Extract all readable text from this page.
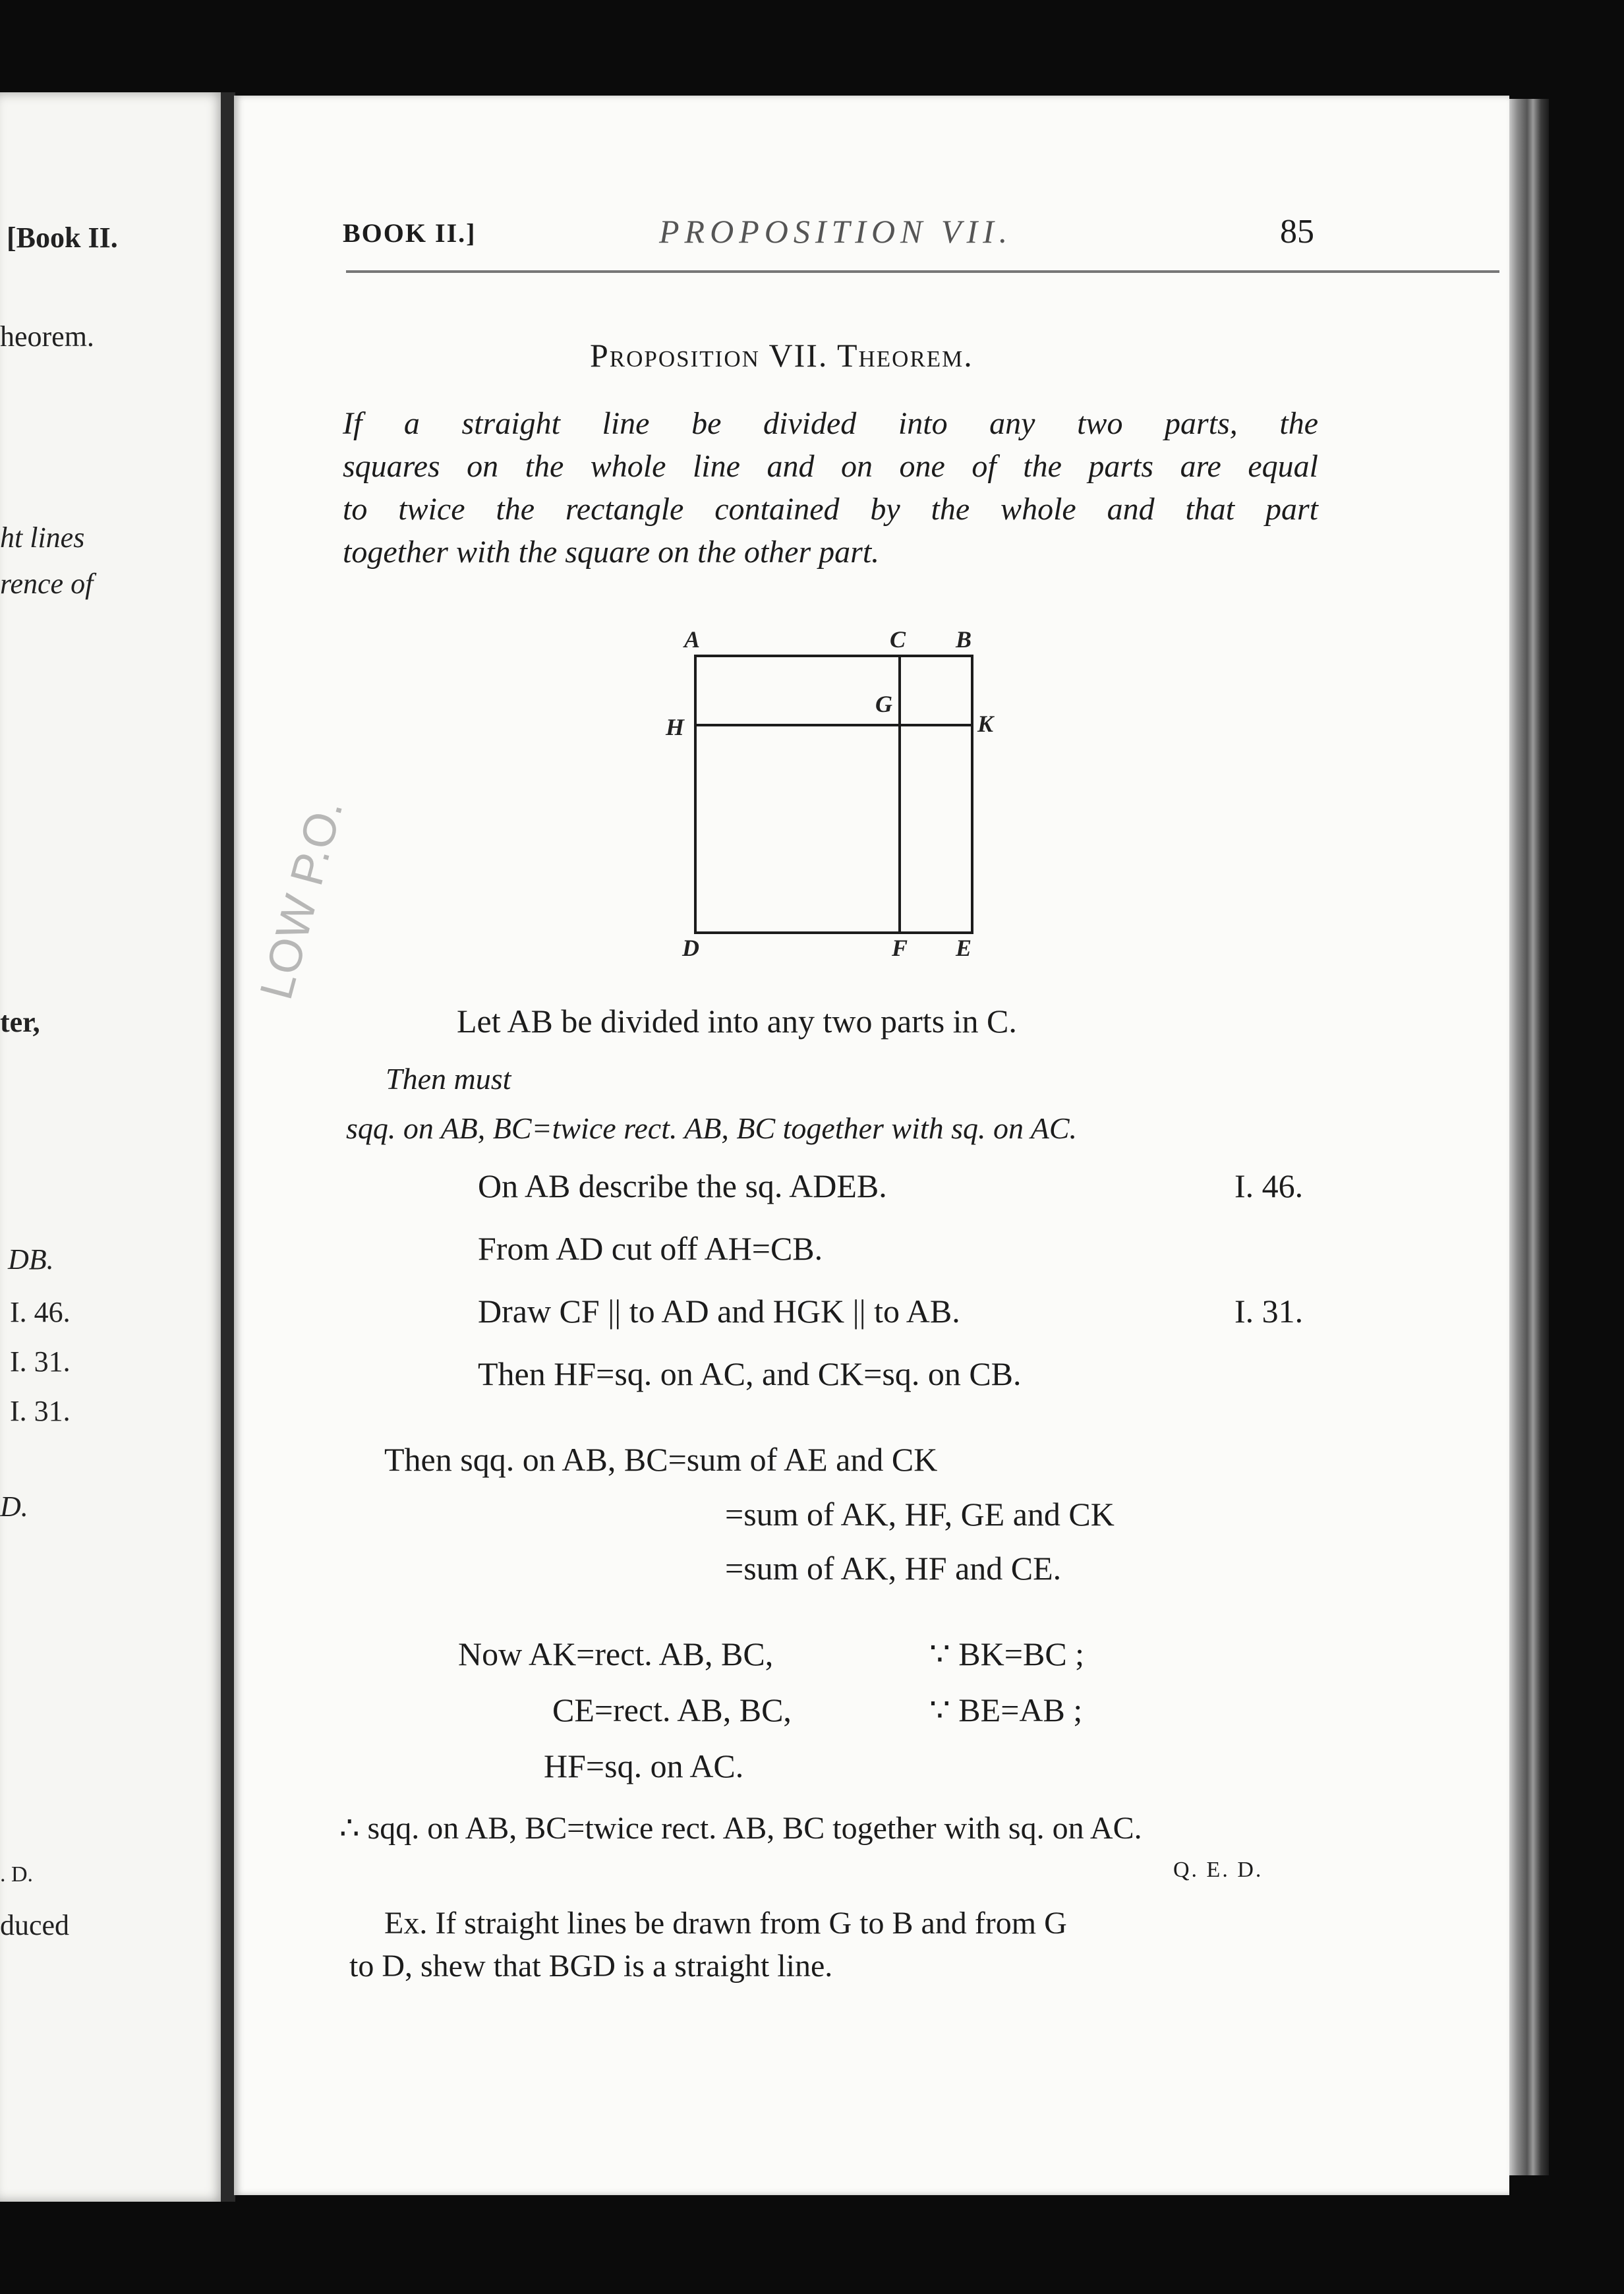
[Book II.
heorem.
ht lines
rence of
ter,
DB.
I. 46.
I. 31.
I. 31.
D.
. D.
duced
BOOK II.]	PROPOSITION VII.	85
Proposition VII. Theorem.
If a straight line be divided into any two parts, the
squares on the whole line and on one of the parts are equal
to twice the rectangle contained by the whole and that part
together with the square on the other part.
A	C B
H
G
K
D	F E
LOW P.O.
Let AB be divided into any two parts in C.
Then must
sqq. on AB, BC=twice rect. AB, BC together with sq. on AC.
On AB describe the sq. ADEB.	I. 46.
From AD cut off AH=CB.
Draw CF || to AD and HGK || to AB.	I. 31.
Then HF=sq. on AC, and CK=sq. on CB.
Then sqq. on AB, BC=sum of AE and CK
=sum of AK, HF, GE and CK
=sum of AK, HF and CE.
Now AK=rect. AB, BC,	∵ BK=BC ;
CE=rect. AB, BC,	∵ BE=AB ;
HF=sq. on AC.
∴ sqq. on AB, BC=twice rect. AB, BC together with sq. on AC.
Q. E. D.
Ex. If straight lines be drawn from G to B and from G
to D, shew that BGD is a straight line.
